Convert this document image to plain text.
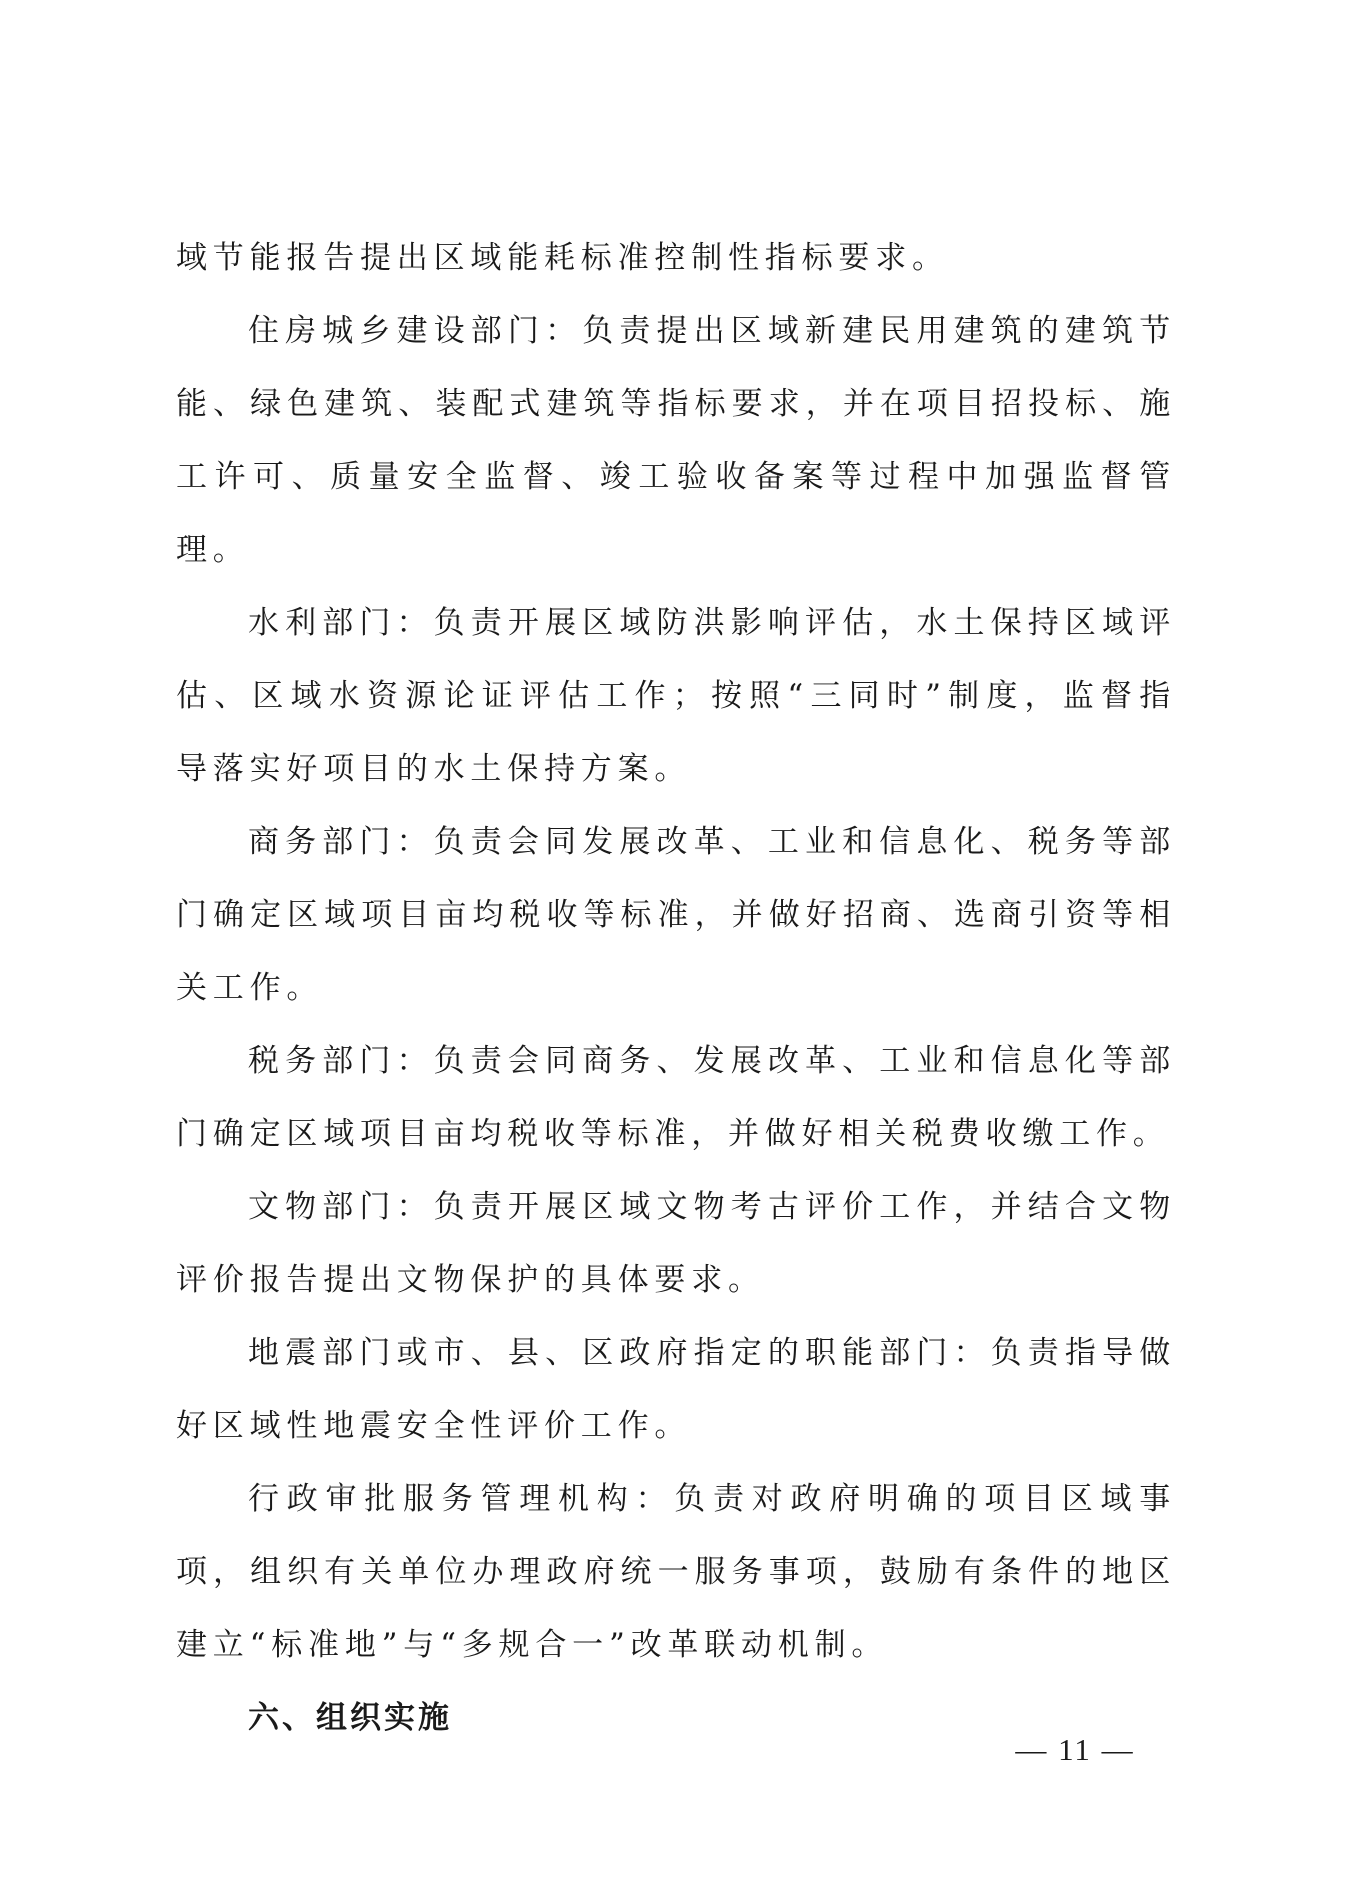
域节能报告提出区域能耗标准控制性指标要求。

住房城乡建设部门：负责提出区域新建民用建筑的建筑节能、绿色建筑、装配式建筑等指标要求，并在项目招投标、施工许可、质量安全监督、竣工验收备案等过程中加强监督管理。

水利部门：负责开展区域防洪影响评估，水土保持区域评估、区域水资源论证评估工作；按照“三同时”制度，监督指导落实好项目的水土保持方案。

商务部门：负责会同发展改革、工业和信息化、税务等部门确定区域项目亩均税收等标准，并做好招商、选商引资等相关工作。

税务部门：负责会同商务、发展改革、工业和信息化等部门确定区域项目亩均税收等标准，并做好相关税费收缴工作。

文物部门：负责开展区域文物考古评价工作，并结合文物评价报告提出文物保护的具体要求。

地震部门或市、县、区政府指定的职能部门：负责指导做好区域性地震安全性评价工作。

行政审批服务管理机构：负责对政府明确的项目区域事项，组织有关单位办理政府统一服务事项，鼓励有条件的地区建立“标准地”与“多规合一”改革联动机制。

六、组织实施
— 11 —
